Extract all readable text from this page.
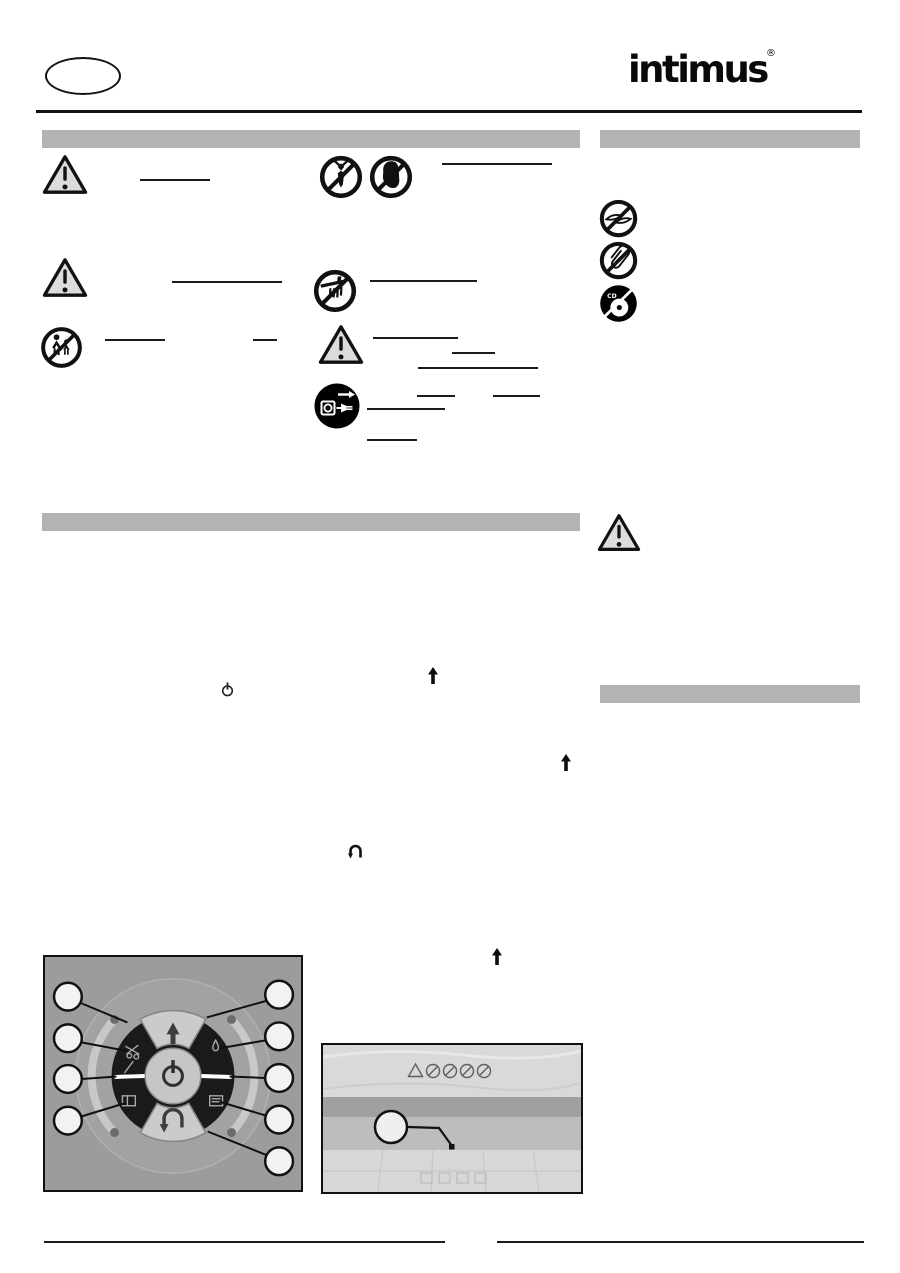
intimus ®
